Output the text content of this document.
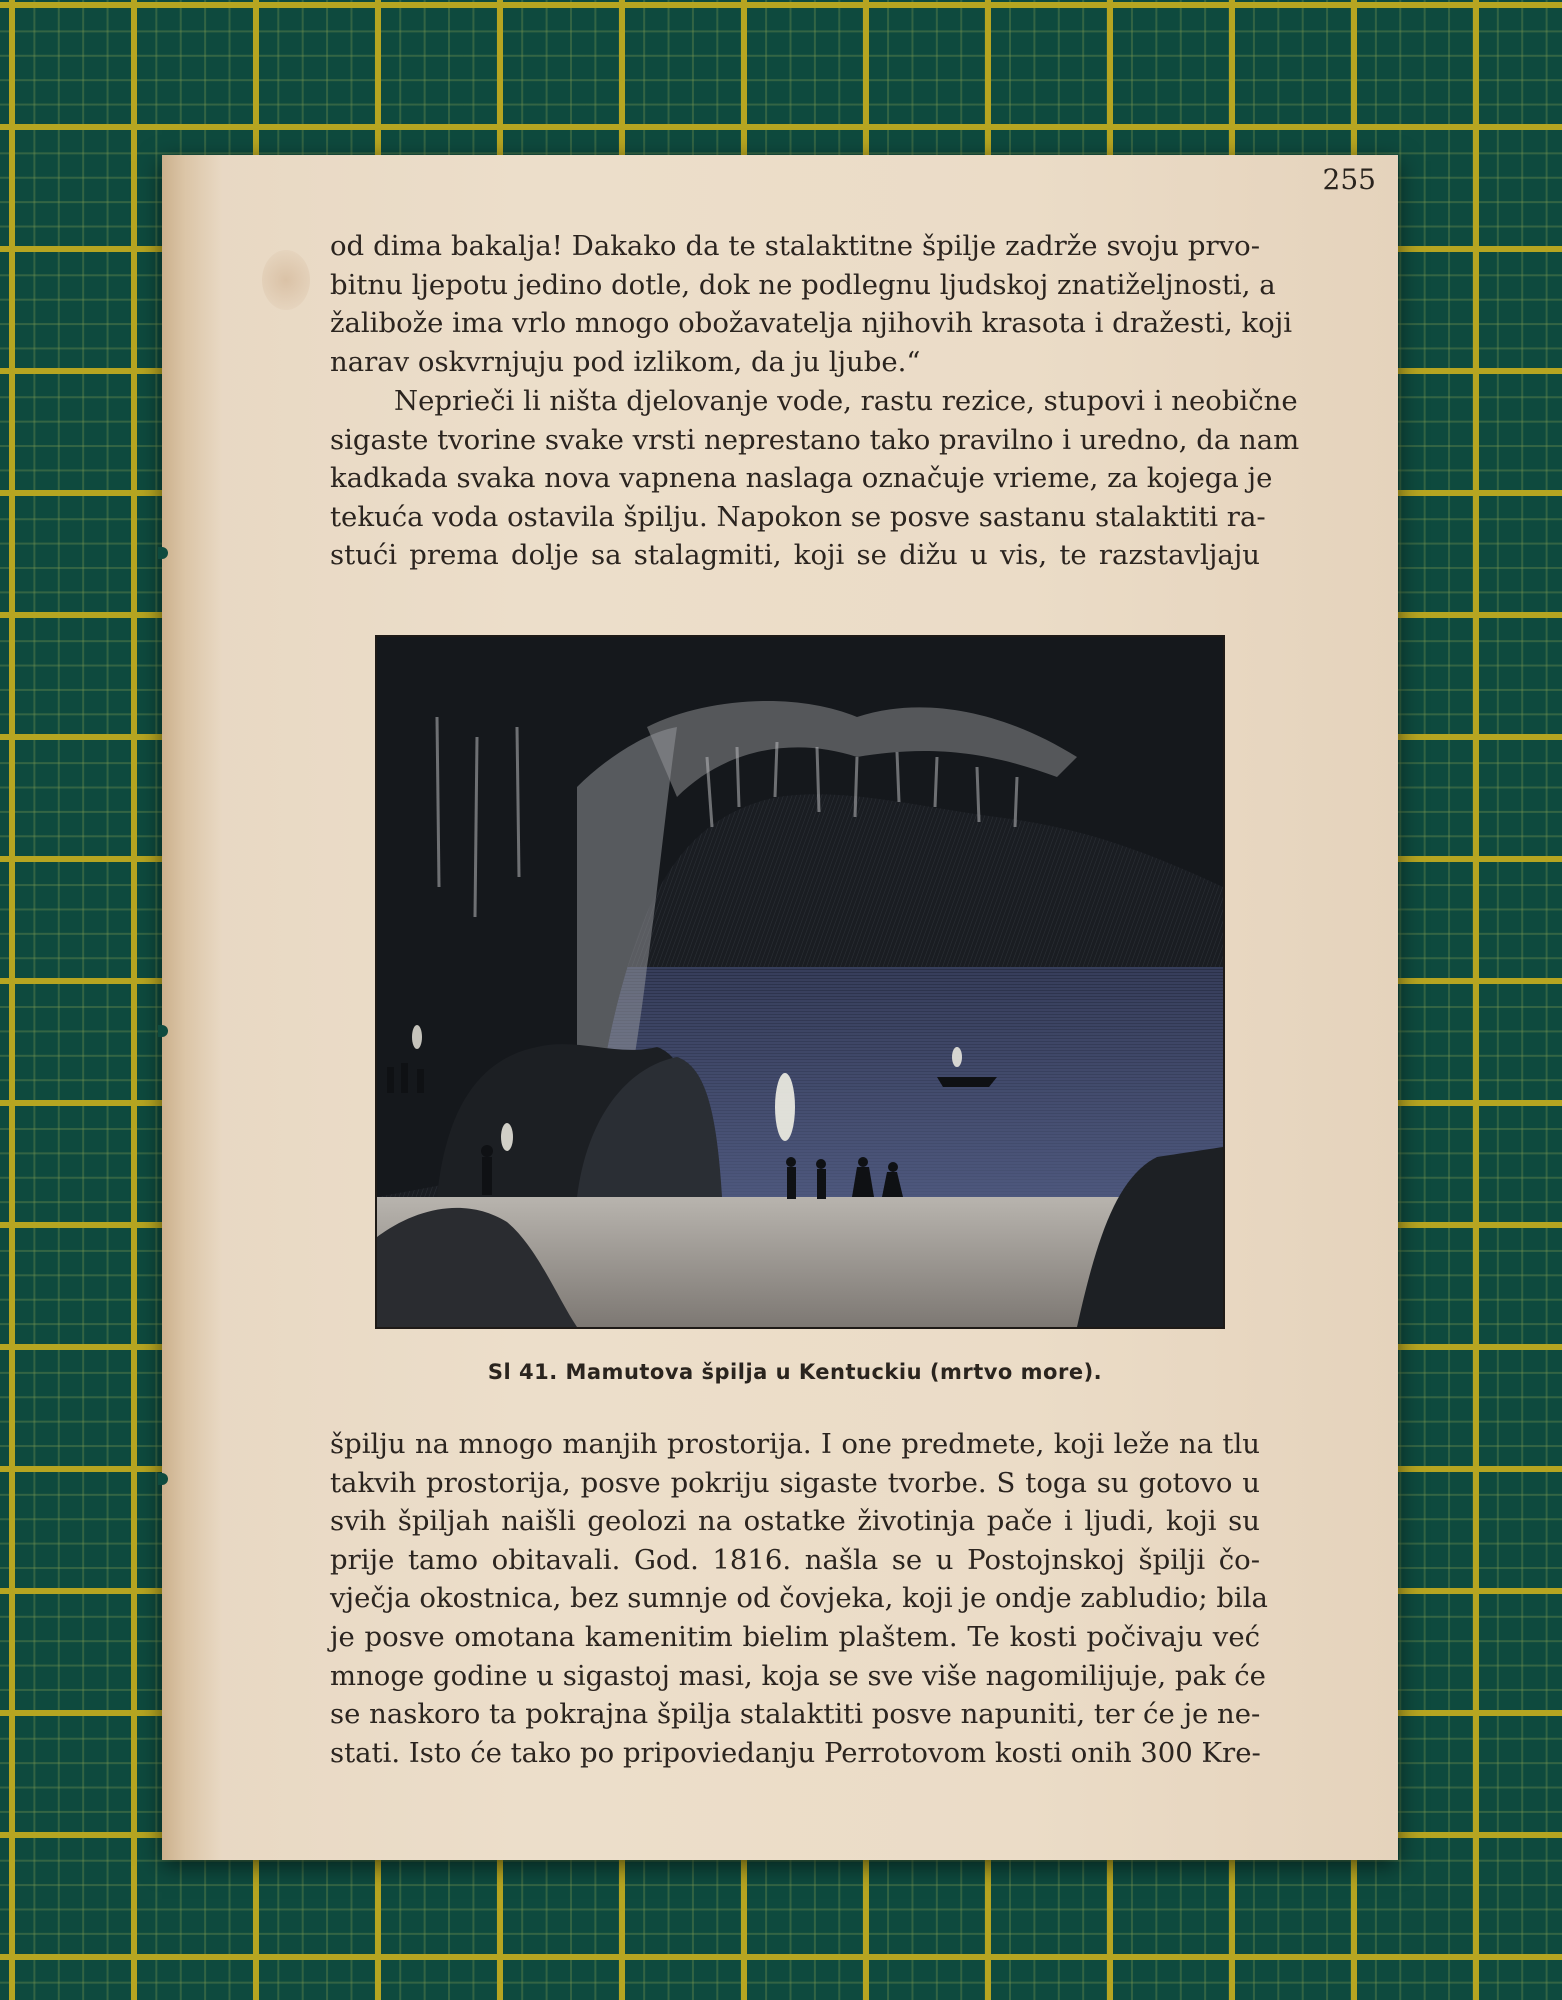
255
od dima bakalja! Dakako da te stalaktitne špilje zadrže svoju prvo-
bitnu ljepotu jedino dotle, dok ne podlegnu ljudskoj znatiželjnosti, a
žalibože ima vrlo mnogo obožavatelja njihovih krasota i dražesti, koji
narav oskvrnjuju pod izlikom, da ju ljube.“
Neprieči li ništa djelovanje vode, rastu rezice, stupovi i neobične
sigaste tvorine svake vrsti neprestano tako pravilno i uredno, da nam
kadkada svaka nova vapnena naslaga označuje vrieme, za kojega je
tekuća voda ostavila špilju. Napokon se posve sastanu stalaktiti ra-
stući prema dolje sa stalagmiti, koji se dižu u vis, te razstavljaju
Sl 41. Mamutova špilja u Kentuckiu (mrtvo more).
špilju na mnogo manjih prostorija. I one predmete, koji leže na tlu
takvih prostorija, posve pokriju sigaste tvorbe. S toga su gotovo u
svih špiljah naišli geolozi na ostatke životinja pače i ljudi, koji su
prije tamo obitavali. God. 1816. našla se u Postojnskoj špilji čo-
vječja okostnica, bez sumnje od čovjeka, koji je ondje zabludio; bila
je posve omotana kamenitim bielim plaštem. Te kosti počivaju već
mnoge godine u sigastoj masi, koja se sve više nagomilijuje, pak će
se naskoro ta pokrajna špilja stalaktiti posve napuniti, ter će je ne-
stati. Isto će tako po pripoviedanju Perrotovom kosti onih 300 Kre-
